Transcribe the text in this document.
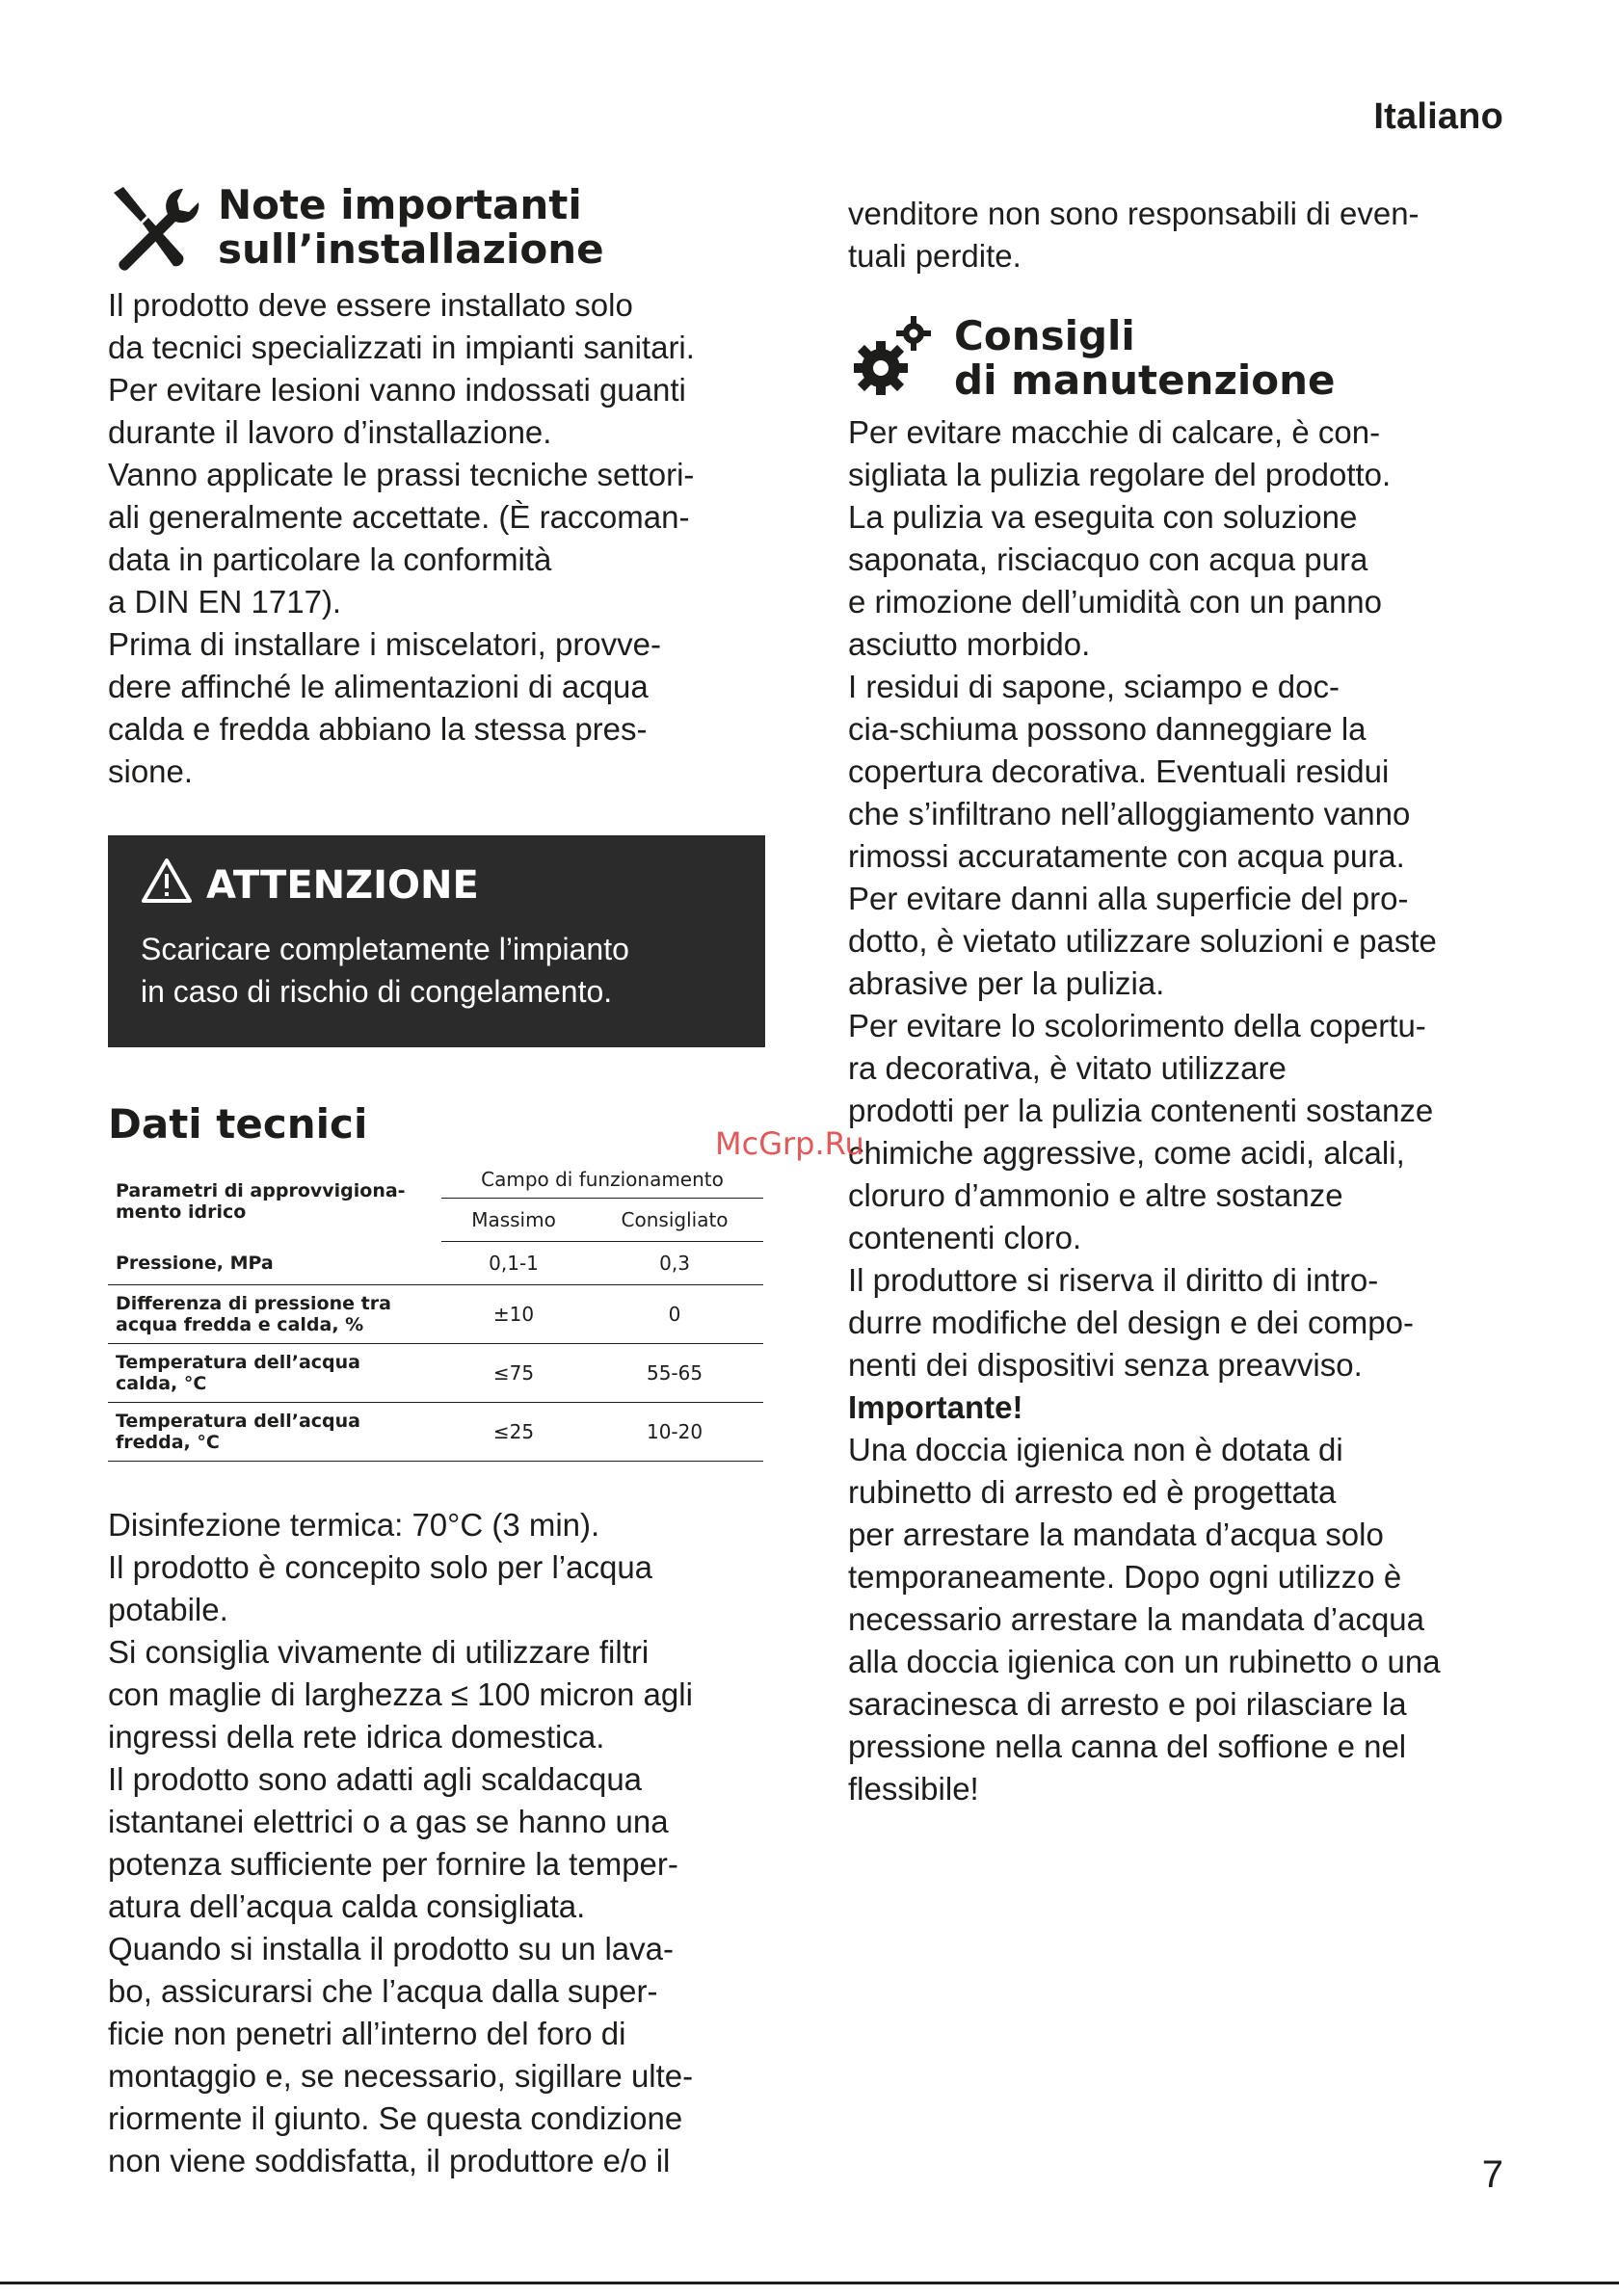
Italiano
Note importanti
sull’installazione

Il prodotto deve essere installato solo
da tecnici specializzati in impianti sanitari.
Per evitare lesioni vanno indossati guanti
durante il lavoro d’installazione.
Vanno applicate le prassi tecniche settori-
ali generalmente accettate. (È raccoman-
data in particolare la conformità
a DIN EN 1717).
Prima di installare i miscelatori, provve-
dere affinché le alimentazioni di acqua
calda e fredda abbiano la stessa pres-
sione.

ATTENZIONE

Scaricare completamente l’impianto
in caso di rischio di congelamento.

Dati tecnici
Parametri di approvvigiona-
mento idrico	Campo di funzionamento	
	Massimo	Consigliato
Pressione, MPa	0,1-1	0,3
Differenza di pressione tra
acqua fredda e calda, %	±10	0
Temperatura dell’acqua
calda, °C	≤75	55-65
Temperatura dell’acqua
fredda, °C	≤25	10-20

Disinfezione termica: 70°C (3 min).
Il prodotto è concepito solo per l’acqua
potabile.
Si consiglia vivamente di utilizzare filtri
con maglie di larghezza ≤ 100 micron agli
ingressi della rete idrica domestica.
Il prodotto sono adatti agli scaldacqua
istantanei elettrici o a gas se hanno una
potenza sufficiente per fornire la temper-
atura dell’acqua calda consigliata.
Quando si installa il prodotto su un lava-
bo, assicurarsi che l’acqua dalla super-
ficie non penetri all’interno del foro di
montaggio e, se necessario, sigillare ulte-
riormente il giunto. Se questa condizione
non viene soddisfatta, il produttore e/o il

venditore non sono responsabili di even-
tuali perdite.

Consigli
di manutenzione

Per evitare macchie di calcare, è con-
sigliata la pulizia regolare del prodotto.
La pulizia va eseguita con soluzione
saponata, risciacquo con acqua pura
e rimozione dell’umidità con un panno
asciutto morbido.
I residui di sapone, sciampo e doc-
cia-schiuma possono danneggiare la
copertura decorativa. Eventuali residui
che s’infiltrano nell’alloggiamento vanno
rimossi accuratamente con acqua pura.
Per evitare danni alla superficie del pro-
dotto, è vietato utilizzare soluzioni e paste
abrasive per la pulizia.
Per evitare lo scolorimento della copertu-
ra decorativa, è vitato utilizzare
prodotti per la pulizia contenenti sostanze
chimiche aggressive, come acidi, alcali,
cloruro d’ammonio e altre sostanze
contenenti cloro.
Il produttore si riserva il diritto di intro-
durre modifiche del design e dei compo-
nenti dei dispositivi senza preavviso.

Importante!

Una doccia igienica non è dotata di
rubinetto di arresto ed è progettata
per arrestare la mandata d’acqua solo
temporaneamente. Dopo ogni utilizzo è
necessario arrestare la mandata d’acqua
alla doccia igienica con un rubinetto o una
saracinesca di arresto e poi rilasciare la
pressione nella canna del soffione e nel
flessibile!

McGrp.Ru
7
